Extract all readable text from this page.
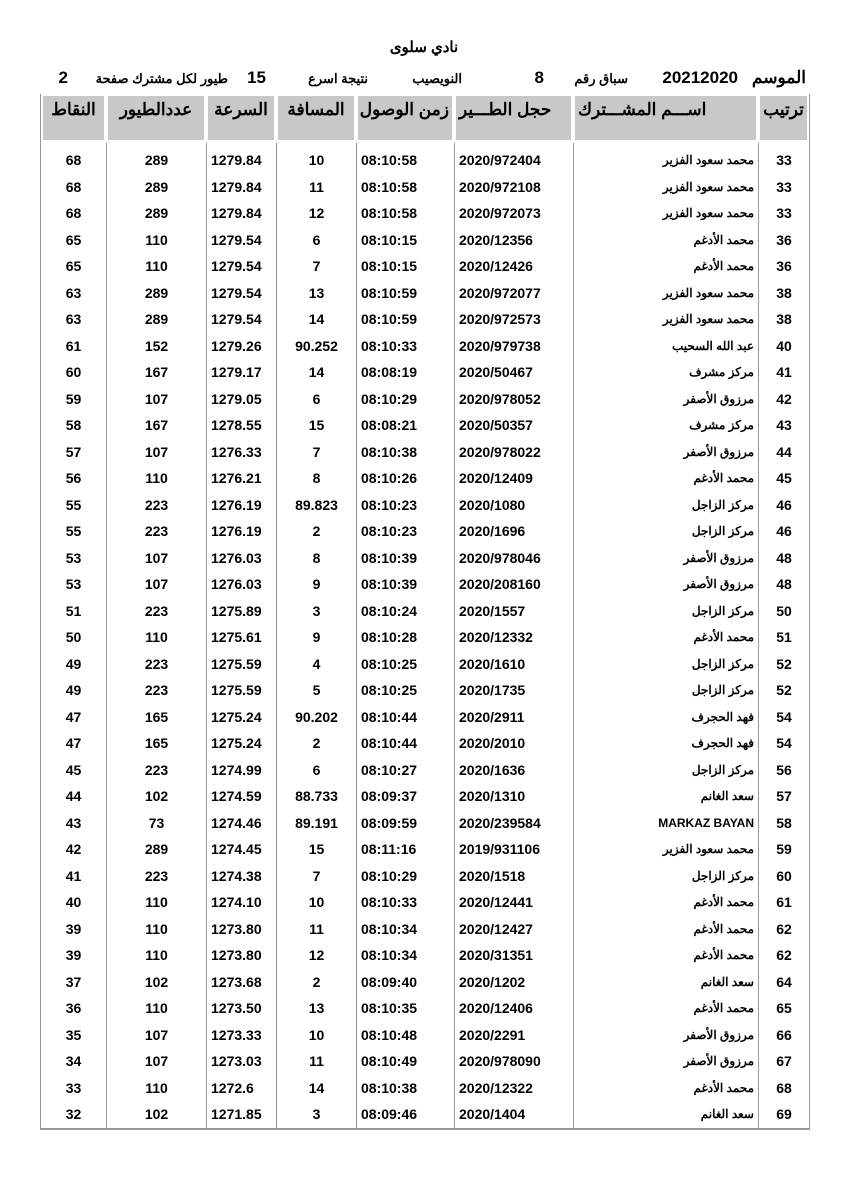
نادي سلوى
الموسم
20212020
سباق رقم
8
النويصيب
نتيجة اسرع
15
طيور لكل مشترك صفحة
2
ترتيب	اســـم المشـــترك	حجل الطـــير	زمن الوصول	المسافة	السرعة	عددالطيور	النقاط
33	محمد سعود الفزير	2020/972404	08:10:58	10	1279.84	289	68
33	محمد سعود الفزير	2020/972108	08:10:58	11	1279.84	289	68
33	محمد سعود الفزير	2020/972073	08:10:58	12	1279.84	289	68
36	محمد الأدغم	2020/12356	08:10:15	6	1279.54	110	65
36	محمد الأدغم	2020/12426	08:10:15	7	1279.54	110	65
38	محمد سعود الفزير	2020/972077	08:10:59	13	1279.54	289	63
38	محمد سعود الفزير	2020/972573	08:10:59	14	1279.54	289	63
40	عبد الله السحيب	2020/979738	08:10:33	90.252	1279.26	152	61
41	مركز مشرف	2020/50467	08:08:19	14	1279.17	167	60
42	مرزوق الأصفر	2020/978052	08:10:29	6	1279.05	107	59
43	مركز مشرف	2020/50357	08:08:21	15	1278.55	167	58
44	مرزوق الأصفر	2020/978022	08:10:38	7	1276.33	107	57
45	محمد الأدغم	2020/12409	08:10:26	8	1276.21	110	56
46	مركز الزاجل	2020/1080	08:10:23	89.823	1276.19	223	55
46	مركز الزاجل	2020/1696	08:10:23	2	1276.19	223	55
48	مرزوق الأصفر	2020/978046	08:10:39	8	1276.03	107	53
48	مرزوق الأصفر	2020/208160	08:10:39	9	1276.03	107	53
50	مركز الزاجل	2020/1557	08:10:24	3	1275.89	223	51
51	محمد الأدغم	2020/12332	08:10:28	9	1275.61	110	50
52	مركز الزاجل	2020/1610	08:10:25	4	1275.59	223	49
52	مركز الزاجل	2020/1735	08:10:25	5	1275.59	223	49
54	فهد الحجرف	2020/2911	08:10:44	90.202	1275.24	165	47
54	فهد الحجرف	2020/2010	08:10:44	2	1275.24	165	47
56	مركز الزاجل	2020/1636	08:10:27	6	1274.99	223	45
57	سعد الغانم	2020/1310	08:09:37	88.733	1274.59	102	44
58	MARKAZ BAYAN	2020/239584	08:09:59	89.191	1274.46	73	43
59	محمد سعود الفزير	2019/931106	08:11:16	15	1274.45	289	42
60	مركز الزاجل	2020/1518	08:10:29	7	1274.38	223	41
61	محمد الأدغم	2020/12441	08:10:33	10	1274.10	110	40
62	محمد الأدغم	2020/12427	08:10:34	11	1273.80	110	39
62	محمد الأدغم	2020/31351	08:10:34	12	1273.80	110	39
64	سعد الغانم	2020/1202	08:09:40	2	1273.68	102	37
65	محمد الأدغم	2020/12406	08:10:35	13	1273.50	110	36
66	مرزوق الأصفر	2020/2291	08:10:48	10	1273.33	107	35
67	مرزوق الأصفر	2020/978090	08:10:49	11	1273.03	107	34
68	محمد الأدغم	2020/12322	08:10:38	14	1272.6	110	33
69	سعد الغانم	2020/1404	08:09:46	3	1271.85	102	32
